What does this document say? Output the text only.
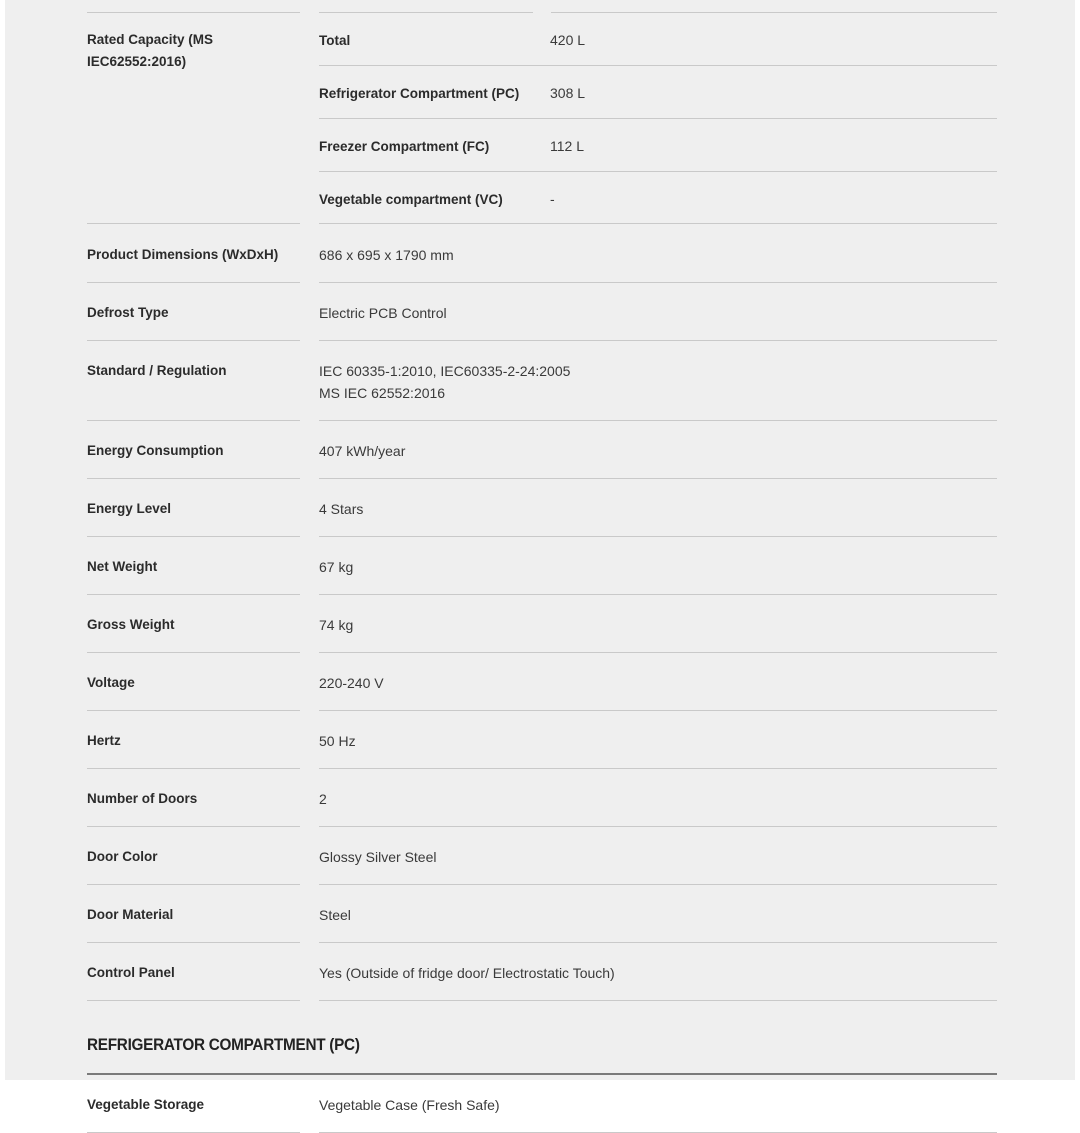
Rated Capacity (MS IEC62552:2016)
Total	420 L
Refrigerator Compartment (PC)	308 L
Freezer Compartment (FC)	112 L
Vegetable compartment (VC)	-
Product Dimensions (WxDxH)	686 x 695 x 1790 mm
Defrost Type	Electric PCB Control
Standard / Regulation	IEC 60335-1:2010, IEC60335-2-24:2005
MS IEC 62552:2016
Energy Consumption	407 kWh/year
Energy Level	4 Stars
Net Weight	67 kg
Gross Weight	74 kg
Voltage	220-240 V
Hertz	50 Hz
Number of Doors	2
Door Color	Glossy Silver Steel
Door Material	Steel
Control Panel	Yes (Outside of fridge door/ Electrostatic Touch)
REFRIGERATOR COMPARTMENT (PC)
Vegetable Storage	Vegetable Case (Fresh Safe)
